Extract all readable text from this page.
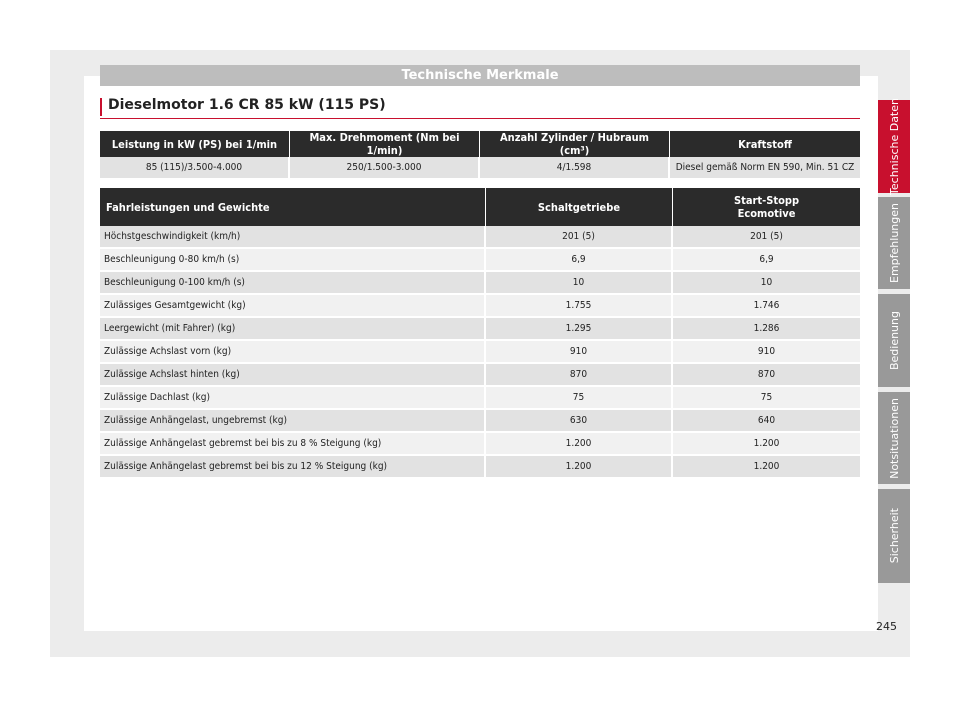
Technische Merkmale
Dieselmotor 1.6 CR 85 kW (115 PS)
Leistung in kW (PS) bei 1/min	Max. Drehmoment (Nm bei 1/min)	Anzahl Zylinder / Hubraum (cm³)	Kraftstoff
85 (115)/3.500-4.000	250/1.500-3.000	4/1.598	Diesel gemäß Norm EN 590, Min. 51 CZ
Fahrleistungen und Gewichte	Schaltgetriebe	Start-Stopp
Ecomotive

Höchstgeschwindigkeit (km/h)	201 (5)	201 (5)
Beschleunigung 0-80 km/h (s)	6,9	6,9
Beschleunigung 0-100 km/h (s)	10	10
Zulässiges Gesamtgewicht (kg)	1.755	1.746
Leergewicht (mit Fahrer) (kg)	1.295	1.286
Zulässige Achslast vorn (kg)	910	910
Zulässige Achslast hinten (kg)	870	870
Zulässige Dachlast (kg)	75	75
Zulässige Anhängelast, ungebremst (kg)	630	640
Zulässige Anhängelast gebremst bei bis zu 8 % Steigung (kg)	1.200	1.200
Zulässige Anhängelast gebremst bei bis zu 12 % Steigung (kg)	1.200	1.200
Technische Daten
Empfehlungen
Bedienung
Notsituationen
Sicherheit
245
